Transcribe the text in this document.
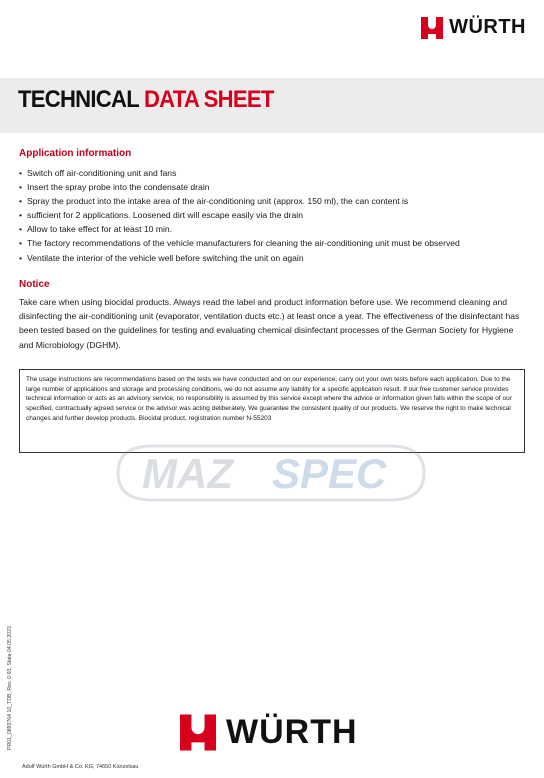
WÜRTH
TECHNICAL DATA SHEET
Application information
• Switch off air-conditioning unit and fans
• Insert the spray probe into the condensate drain
• Spray the product into the intake area of the air-conditioning unit (approx. 150 ml), the can content is
• sufficient for 2 applications. Loosened dirt will escape easily via the drain
• Allow to take effect for at least 10 min.
• The factory recommendations of the vehicle manufacturers for cleaning the air-conditioning unit must be observed
• Ventilate the interior of the vehicle well before switching the unit on again
Notice

Take care when using biocidal products. Always read the label and product information before use. We recommend cleaning and disinfecting the air-conditioning unit (evaporator, ventilation ducts etc.) at least once a year. The effectiveness of the disinfectant has been tested based on the guidelines for testing and evaluating chemical disinfectant processes of the German Society for Hygiene and Microbiology (DGHM).

The usage instructions are recommendations based on the tests we have conducted and on our experience; carry out your own tests before each application. Due to the large number of applications and storage and processing conditions, we do not assume any liability for a specific application result. If our free customer service provides technical information or acts as an advisory service, no responsibility is assumed by this service except where the advice or information given falls within the scope of our specified, contractually agreed service or the advisor was acting deliberately. We guarantee the consistent quality of our products. We reserve the right to make technical changes and further develop products. Biocidal product, registration number N-55203

MAZ SPEC
PR01_0893764 10_TDB, Rev. 0-93, State 04.05.2023	WÜRTH

Adolf Würth GmbH & Co. KG, 74650 Künzelsau
